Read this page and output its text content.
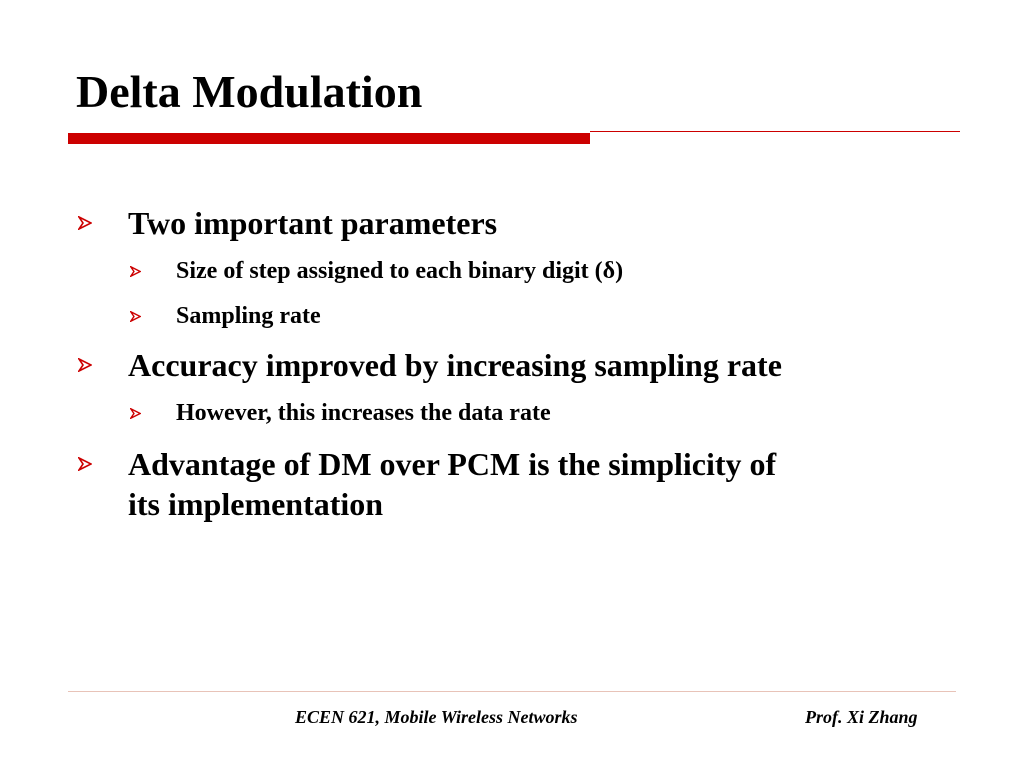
Delta Modulation
Two important parameters
Size of step assigned to each binary digit (δ)
Sampling rate
Accuracy improved by increasing sampling rate
However, this increases the data rate
Advantage of DM over PCM is the simplicity of
its implementation
ECEN 621, Mobile Wireless Networks	Prof. Xi Zhang
